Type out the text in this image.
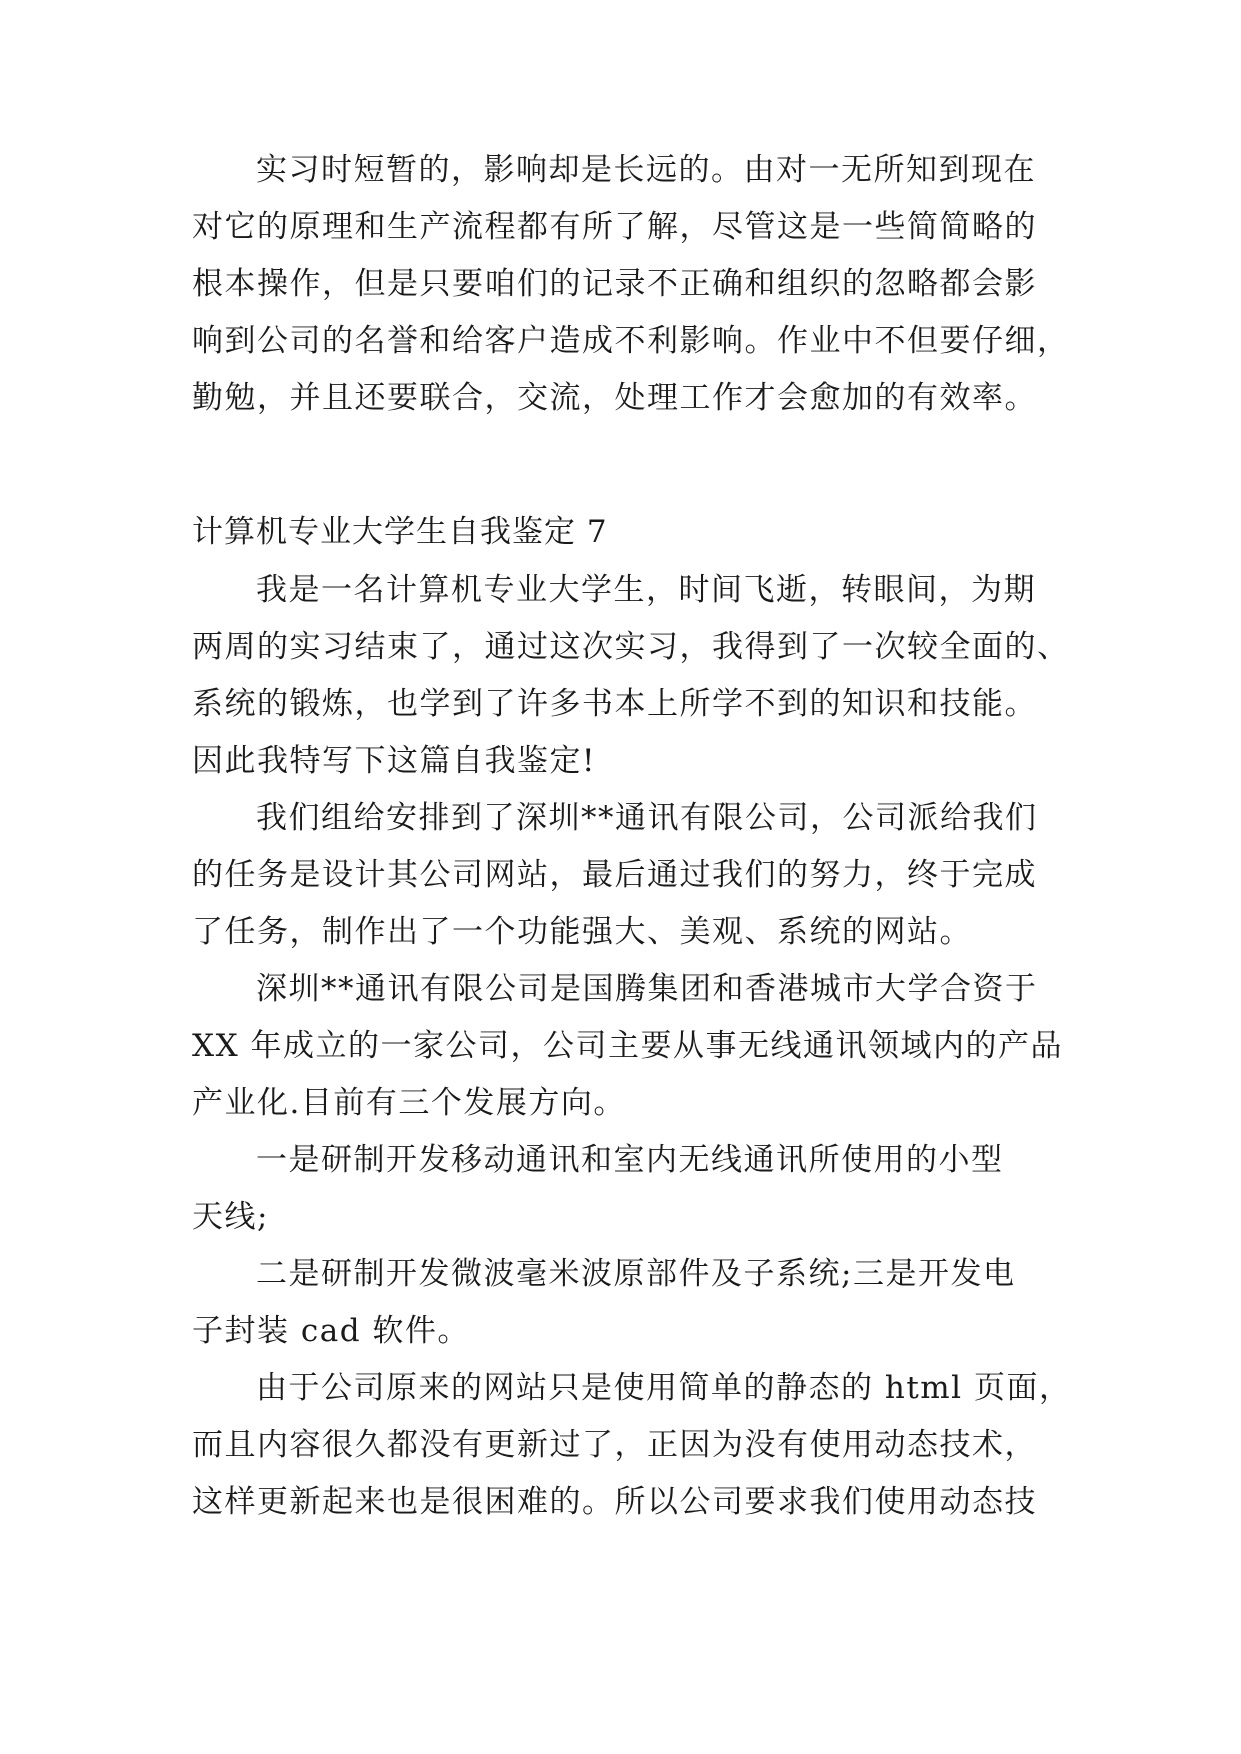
实习时短暂的，影响却是长远的。由对一无所知到现在

对它的原理和生产流程都有所了解，尽管这是一些简简略的

根本操作，但是只要咱们的记录不正确和组织的忽略都会影

响到公司的名誉和给客户造成不利影响。作业中不但要仔细，

勤勉，并且还要联合，交流，处理工作才会愈加的有效率。

计算机专业大学生自我鉴定 7

我是一名计算机专业大学生，时间飞逝，转眼间，为期

两周的实习结束了，通过这次实习，我得到了一次较全面的、

系统的锻炼，也学到了许多书本上所学不到的知识和技能。

因此我特写下这篇自我鉴定!

我们组给安排到了深圳**通讯有限公司，公司派给我们

的任务是设计其公司网站，最后通过我们的努力，终于完成

了任务，制作出了一个功能强大、美观、系统的网站。

深圳**通讯有限公司是国腾集团和香港城市大学合资于

XX 年成立的一家公司，公司主要从事无线通讯领域内的产品

产业化.目前有三个发展方向。

一是研制开发移动通讯和室内无线通讯所使用的小型

天线;

二是研制开发微波毫米波原部件及子系统;三是开发电

子封装 cad 软件。

由于公司原来的网站只是使用简单的静态的 html 页面，

而且内容很久都没有更新过了，正因为没有使用动态技术，

这样更新起来也是很困难的。所以公司要求我们使用动态技
